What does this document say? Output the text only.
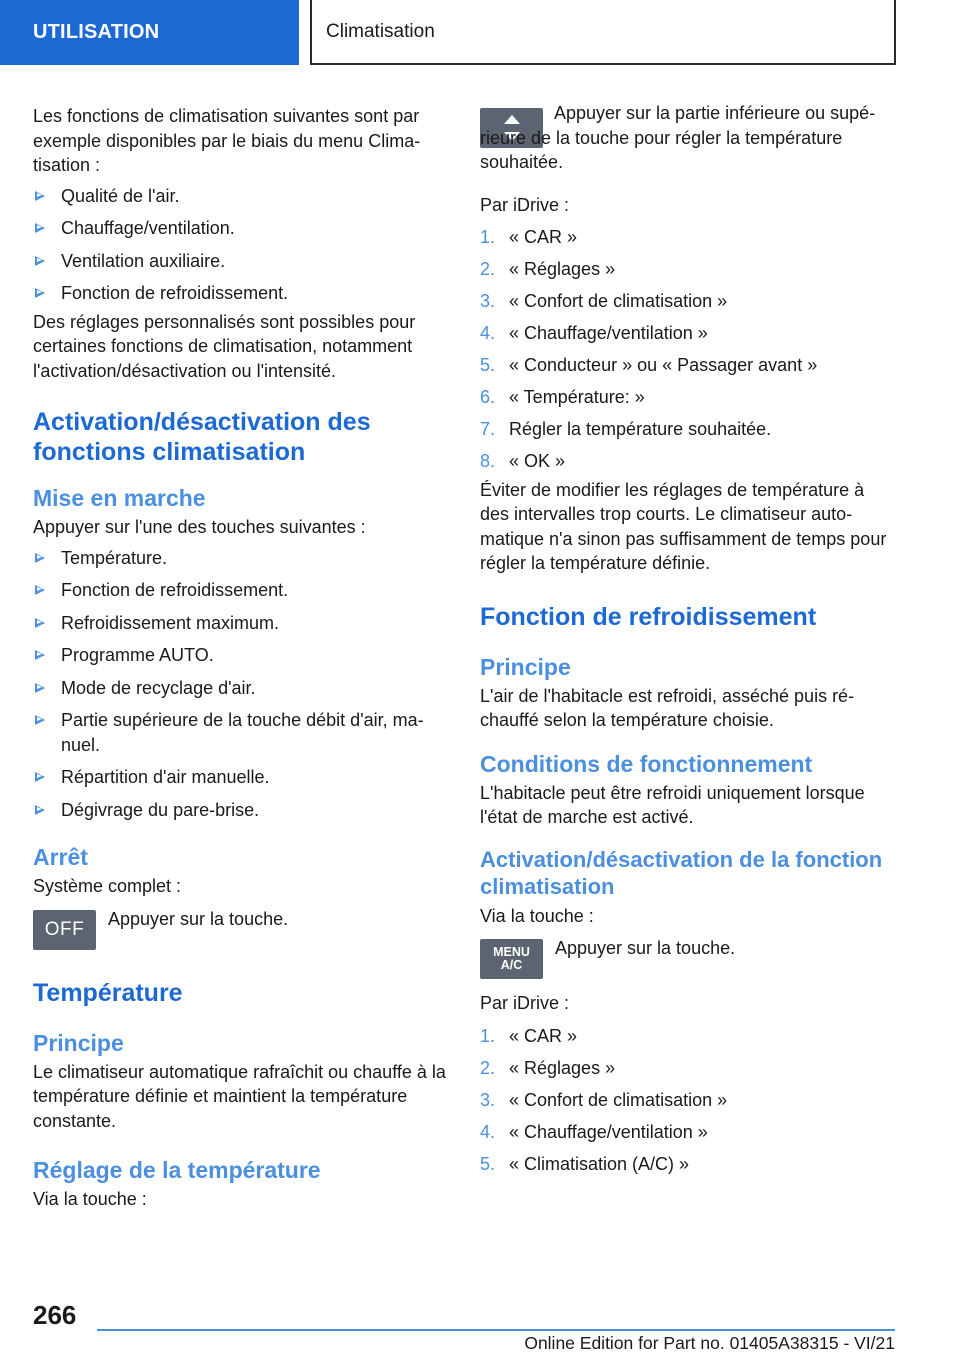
UTILISATION	Climatisation

Les fonctions de climatisation suivantes sont par exemple disponibles par le biais du menu Climatisation :

Qualité de l'air.
Chauffage/ventilation.
Ventilation auxiliaire.
Fonction de refroidissement.

Des réglages personnalisés sont possibles pour certaines fonctions de climatisation, notamment l'activation/désactivation ou l'intensité.

Activation/désactivation des fonctions climatisation
Mise en marche

Appuyer sur l'une des touches suivantes :

Température.
Fonction de refroidissement.
Refroidissement maximum.
Programme AUTO.
Mode de recyclage d'air.
Partie supérieure de la touche débit d'air, manuel.
Répartition d'air manuelle.
Dégivrage du pare-brise.
Arrêt

Système complet :

OFF Appuyer sur la touche.

Température
Principe

Le climatiseur automatique rafraîchit ou chauffe à la température définie et maintient la température constante.

Réglage de la température

Via la touche :

Appuyer sur la partie inférieure ou supérieure de la touche pour régler la température souhaitée.

Par iDrive :

1. « CAR »
2. « Réglages »
3. « Confort de climatisation »
4. « Chauffage/ventilation »
5. « Conducteur » ou « Passager avant »
6. « Température: »
7. Régler la température souhaitée.
8. « OK »

Éviter de modifier les réglages de température à des intervalles trop courts. Le climatiseur automatique n'a sinon pas suffisamment de temps pour régler la température définie.

Fonction de refroidissement
Principe

L'air de l'habitacle est refroidi, asséché puis réchauffé selon la température choisie.

Conditions de fonctionnement

L'habitacle peut être refroidi uniquement lorsque l'état de marche est activé.

Activation/désactivation de la fonction climatisation

Via la touche :

MENU
A/C

Appuyer sur la touche.

Par iDrive :

1. « CAR »
2. « Réglages »
3. « Confort de climatisation »
4. « Chauffage/ventilation »
5. « Climatisation (A/C) »
266
Online Edition for Part no. 01405A38315 - VI/21
